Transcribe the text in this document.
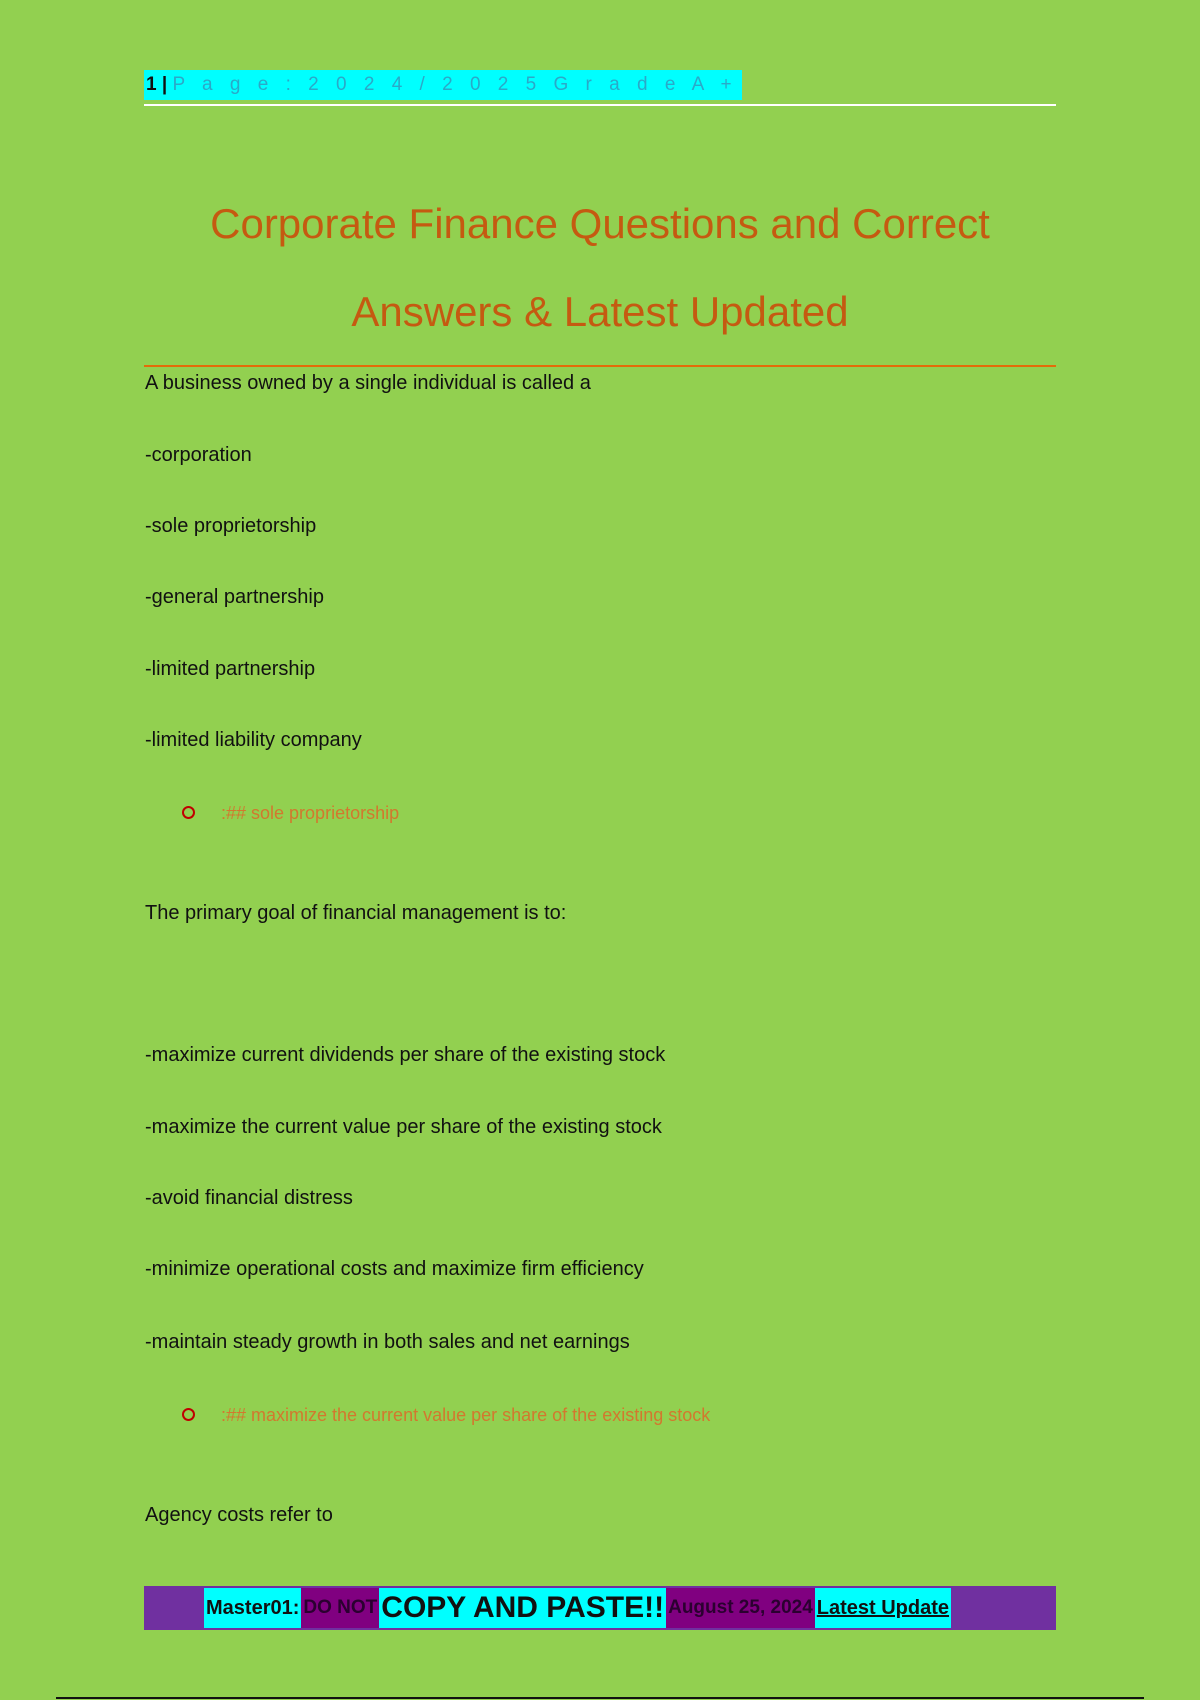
1 | P a g e : 2 0 2 4 / 2 0 2 5 G r a d e A +
Corporate Finance Questions and Correct
Answers & Latest Updated
A business owned by a single individual is called a
-corporation
-sole proprietorship
-general partnership
-limited partnership
-limited liability company
:## sole proprietorship
The primary goal of financial management is to:
-maximize current dividends per share of the existing stock
-maximize the current value per share of the existing stock
-avoid financial distress
-minimize operational costs and maximize firm efficiency
-maintain steady growth in both sales and net earnings
:## maximize the current value per share of the existing stock
Agency costs refer to
Master01: DO NOT COPY AND PASTE!! August 25, 2024 Latest Update
